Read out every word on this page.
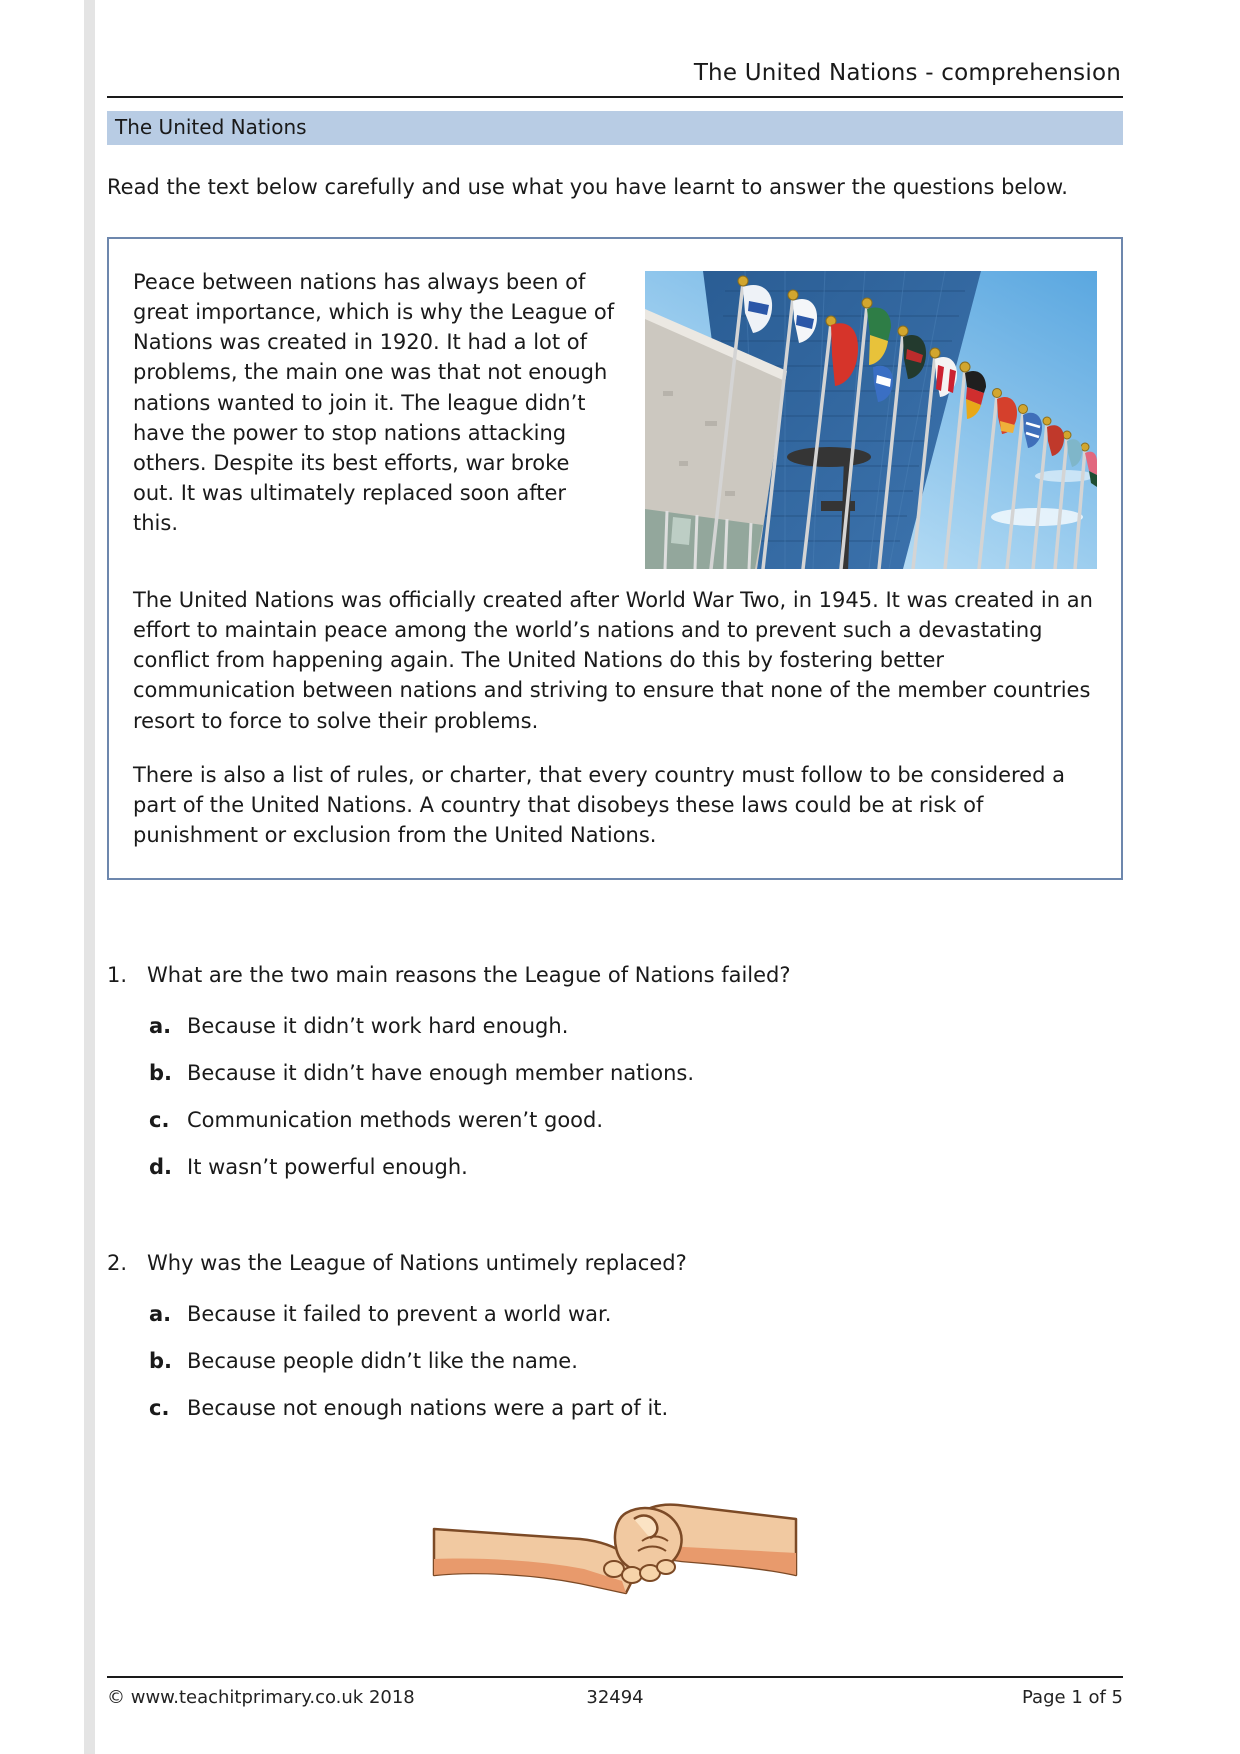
The United Nations - comprehension
The United Nations
Read the text below carefully and use what you have learnt to answer the questions below.

Peace between nations has always been of great importance, which is why the League of Nations was created in 1920. It had a lot of problems, the main one was that not enough nations wanted to join it. The league didn’t have the power to stop nations attacking others. Despite its best efforts, war broke out. It was ultimately replaced soon after this.

The United Nations was officially created after World War Two, in 1945. It was created in an effort to maintain peace among the world’s nations and to prevent such a devastating conflict from happening again. The United Nations do this by fostering better communication between nations and striving to ensure that none of the member countries resort to force to solve their problems.

There is also a list of rules, or charter, that every country must follow to be considered a part of the United Nations. A country that disobeys these laws could be at risk of punishment or exclusion from the United Nations.

1. What are the two main reasons the League of Nations failed?
a. Because it didn’t work hard enough.
b. Because it didn’t have enough member nations.
c. Communication methods weren’t good.
d. It wasn’t powerful enough.
2. Why was the League of Nations untimely replaced?
a. Because it failed to prevent a world war.
b. Because people didn’t like the name.
c. Because not enough nations were a part of it.
© www.teachitprimary.co.uk 2018	32494	Page 1 of 5
